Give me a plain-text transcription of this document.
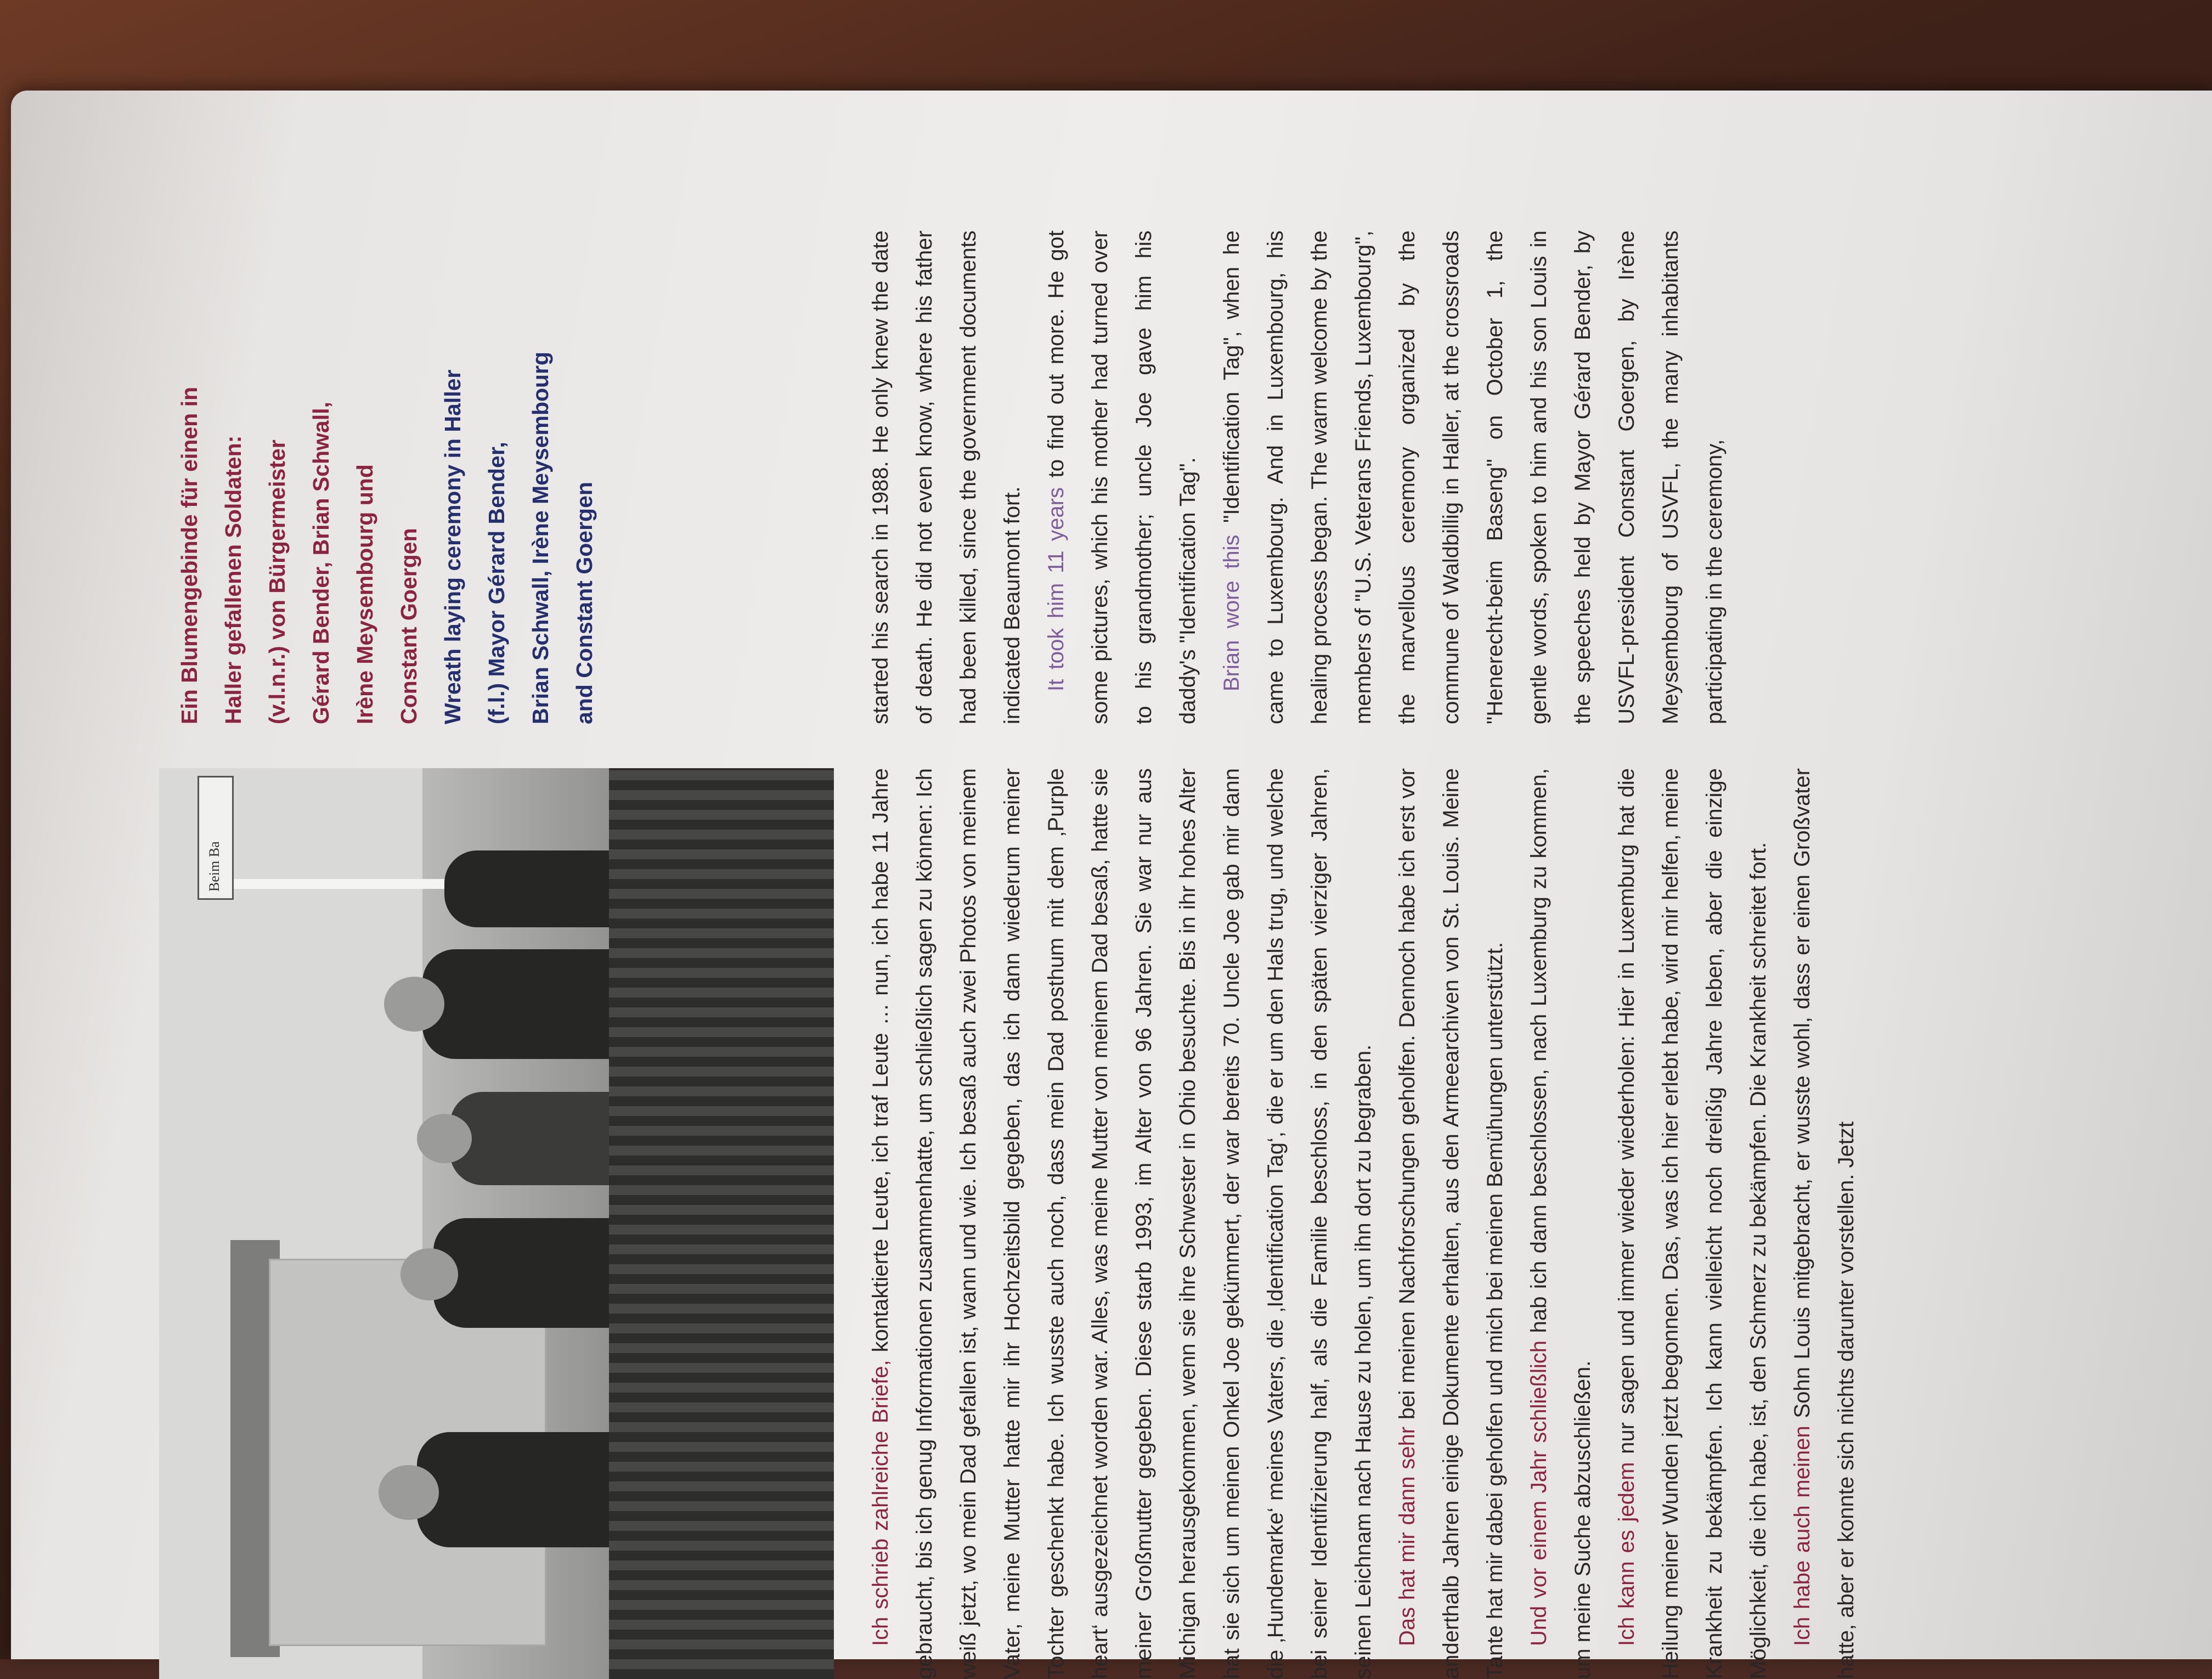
Beim Ba

Ein Blumengebinde für einen in Haller gefallenen Soldaten: (v.l.n.r.) von Bürgermeister Gérard Bender, Brian Schwall, Irène Meysembourg und Constant Goergen Wreath laying ceremony in Haller (f.l.) Mayor Gérard Bender, Brian Schwall, Irène Meysembourg and Constant Goergen

Ich schrieb zahlreiche Briefe, kontaktierte Leute, ich traf Leute … nun, ich habe 11 Jahre gebraucht, bis ich genug Informationen zusammenhatte, um schließlich sagen zu können: Ich weiß jetzt, wo mein Dad gefallen ist, wann und wie. Ich besaß auch zwei Photos von meinem Vater, meine Mutter hatte mir ihr Hochzeitsbild gegeben, das ich dann wiederum meiner Tochter geschenkt habe. Ich wusste auch noch, dass mein Dad posthum mit dem ‚Purple heart‘ ausgezeichnet worden war. Alles, was meine Mutter von meinem Dad besaß, hatte sie meiner Großmutter gegeben. Diese starb 1993, im Alter von 96 Jahren. Sie war nur aus Michigan herausgekommen, wenn sie ihre Schwester in Ohio besuchte. Bis in ihr hohes Alter hat sie sich um meinen Onkel Joe gekümmert, der war bereits 70. Uncle Joe gab mir dann die ‚Hundemarke‘ meines Vaters, die ‚Identification Tag‘, die er um den Hals trug, und welche bei seiner Identifizierung half, als die Familie beschloss, in den späten vierziger Jahren, seinen Leichnam nach Hause zu holen, um ihn dort zu begraben. Das hat mir dann sehr bei meinen Nachforschungen geholfen. Dennoch habe ich erst vor anderthalb Jahren einige Dokumente erhalten, aus den Armeearchiven von St. Louis. Meine Tante hat mir dabei geholfen und mich bei meinen Bemühungen unterstützt. Und vor einem Jahr schließlich hab ich dann beschlossen, nach Luxemburg zu kommen, um meine Suche abzuschließen. Ich kann es jedem nur sagen und immer wieder wiederholen: Hier in Luxemburg hat die Heilung meiner Wunden jetzt begonnen. Das, was ich hier erlebt habe, wird mir helfen, meine Krankheit zu bekämpfen. Ich kann vielleicht noch dreißig Jahre leben, aber die einzige Möglichkeit, die ich habe, ist, den Schmerz zu bekämpfen. Die Krankheit schreitet fort. Ich habe auch meinen Sohn Louis mitgebracht, er wusste wohl, dass er einen Großvater hatte, aber er konnte sich nichts darunter vorstellen. Jetzt

started his search in 1988. He only knew the date of death. He did not even know, where his father had been killed, since the government documents indicated Beaumont fort. It took him 11 years to find out more. He got some pictures, which his mother had turned over to his grandmother; uncle Joe gave him his daddy's "Identification Tag". Brian wore this "Identification Tag", when he came to Luxembourg. And in Luxembourg, his healing process began. The warm welcome by the members of "U.S. Veterans Friends, Luxembourg", the marvellous ceremony organized by the commune of Waldbillig in Haller, at the crossroads "Henerecht-beim Baseng" on October 1, the gentle words, spoken to him and his son Louis in the speeches held by Mayor Gérard Bender, by USVFL-president Constant Goergen, by Irène Meysembourg of USVFL, the many inhabitants participating in the ceremony,
